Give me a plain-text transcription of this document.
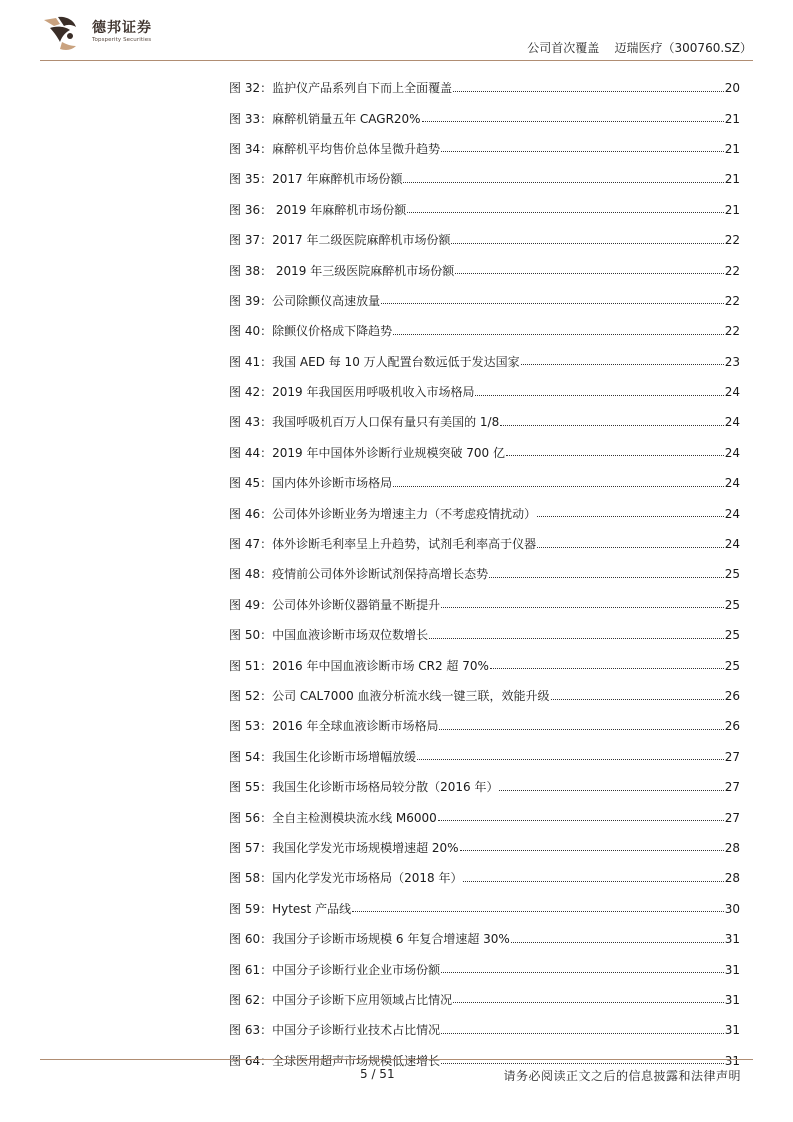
德邦证券
Topsperity Securities
公司首次覆盖 迈瑞医疗（300760.SZ）
图 32：监护仪产品系列自下而上全面覆盖	20
图 33：麻醉机销量五年 CAGR20%	21
图 34：麻醉机平均售价总体呈微升趋势	21
图 35：2017 年麻醉机市场份额	21
图 36： 2019 年麻醉机市场份额	21
图 37：2017 年二级医院麻醉机市场份额	22
图 38： 2019 年三级医院麻醉机市场份额	22
图 39：公司除颤仪高速放量	22
图 40：除颤仪价格成下降趋势	22
图 41：我国 AED 每 10 万人配置台数远低于发达国家	23
图 42：2019 年我国医用呼吸机收入市场格局	24
图 43：我国呼吸机百万人口保有量只有美国的 1/8	24
图 44：2019 年中国体外诊断行业规模突破 700 亿	24
图 45：国内体外诊断市场格局	24
图 46：公司体外诊断业务为增速主力（不考虑疫情扰动）	24
图 47：体外诊断毛利率呈上升趋势，试剂毛利率高于仪器	24
图 48：疫情前公司体外诊断试剂保持高增长态势	25
图 49：公司体外诊断仪器销量不断提升	25
图 50：中国血液诊断市场双位数增长	25
图 51：2016 年中国血液诊断市场 CR2 超 70%	25
图 52：公司 CAL7000 血液分析流水线一键三联，效能升级	26
图 53：2016 年全球血液诊断市场格局	26
图 54：我国生化诊断市场增幅放缓	27
图 55：我国生化诊断市场格局较分散（2016 年）	27
图 56：全自主检测模块流水线 M6000	27
图 57：我国化学发光市场规模增速超 20%	28
图 58：国内化学发光市场格局（2018 年）	28
图 59：Hytest 产品线	30
图 60：我国分子诊断市场规模 6 年复合增速超 30%	31
图 61：中国分子诊断行业企业市场份额	31
图 62：中国分子诊断下应用领域占比情况	31
图 63：中国分子诊断行业技术占比情况	31
图 64：全球医用超声市场规模低速增长	31
5 / 51	请务必阅读正文之后的信息披露和法律声明
